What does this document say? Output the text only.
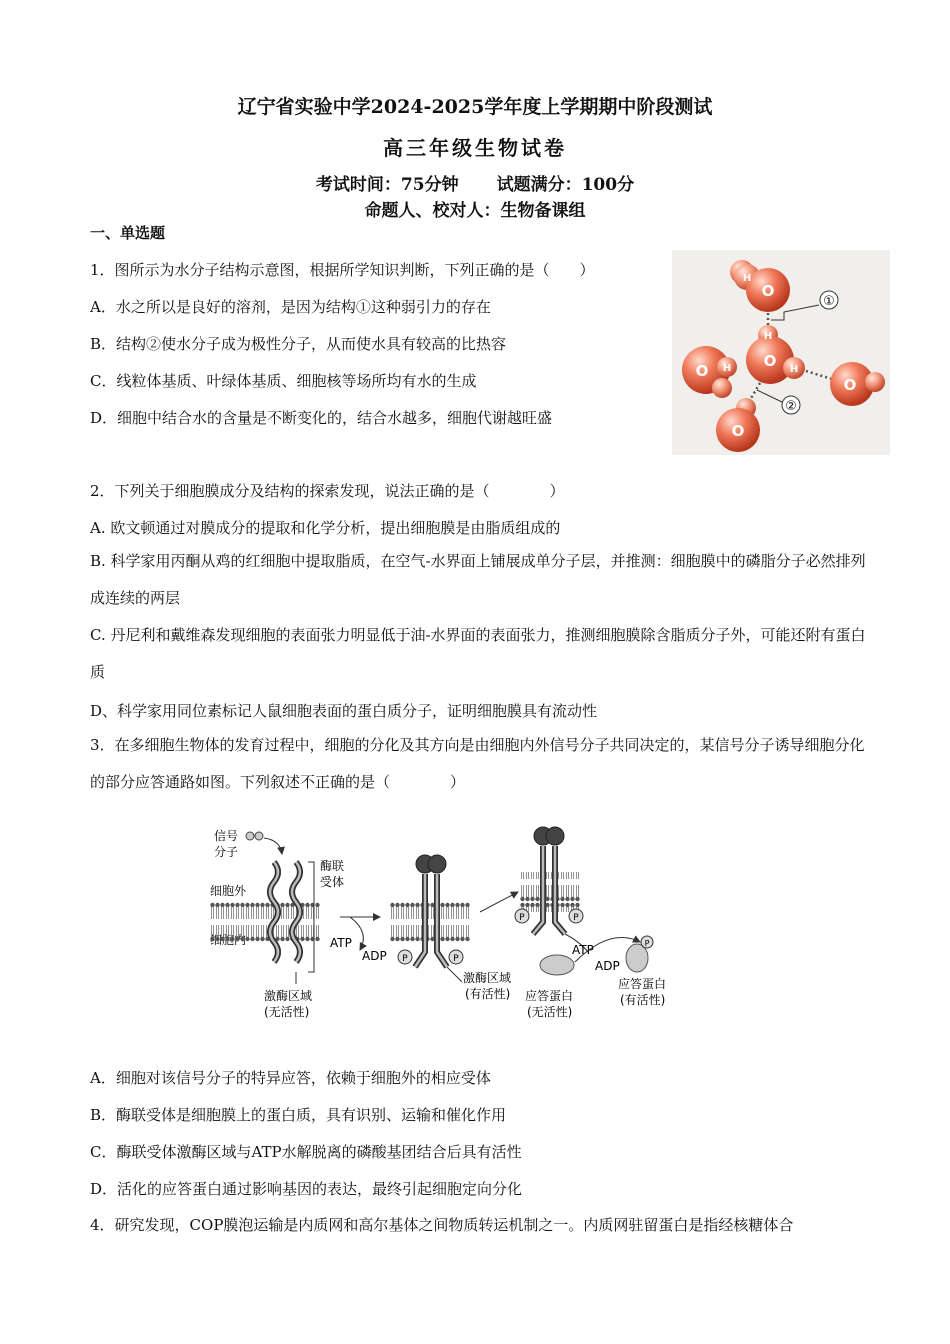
辽宁省实验中学2024-2025学年度上学期期中阶段测试
高三年级生物试卷
考试时间：75分钟 试题满分：100分
命题人、校对人：生物备课组
一、单选题
1．图所示为水分子结构示意图，根据所学知识判断，下列正确的是（　　）
A．水之所以是良好的溶剂，是因为结构①这种弱引力的存在
B．结构②使水分子成为极性分子，从而使水具有较高的比热容
C．线粒体基质、叶绿体基质、细胞核等场所均有水的生成
D．细胞中结合水的含量是不断变化的，结合水越多，细胞代谢越旺盛
O
H
O
H
H
O H
O
O
①
②
2．下列关于细胞膜成分及结构的探索发现，说法正确的是（　　　　）
A. 欧文顿通过对膜成分的提取和化学分析，提出细胞膜是由脂质组成的
B. 科学家用丙酮从鸡的红细胞中提取脂质，在空气-水界面上铺展成单分子层，并推测：细胞膜中的磷脂分子必然排列成连续的两层
C. 丹尼利和戴维森发现细胞的表面张力明显低于油-水界面的表面张力，推测细胞膜除含脂质分子外，可能还附有蛋白质
D、科学家用同位素标记人鼠细胞表面的蛋白质分子，证明细胞膜具有流动性
3．在多细胞生物体的发育过程中，细胞的分化及其方向是由细胞内外信号分子共同决定的，某信号分子诱导细胞分化的部分应答通路如图。下列叙述不正确的是（　　　　）
信号
分子
细胞外
酶联
受体
激酶区域
(无活性)
ATP
ADP P	P
激酶区域
(有活性)
P	P
ATP
ADP
P
应答蛋白
(无活性)
应答蛋白
(有活性)
A．细胞对该信号分子的特异应答，依赖于细胞外的相应受体
B．酶联受体是细胞膜上的蛋白质，具有识别、运输和催化作用
C．酶联受体激酶区域与ATP水解脱离的磷酸基团结合后具有活性
D．活化的应答蛋白通过影响基因的表达，最终引起细胞定向分化
4．研究发现，COP膜泡运输是内质网和高尔基体之间物质转运机制之一。内质网驻留蛋白是指经核糖体合
